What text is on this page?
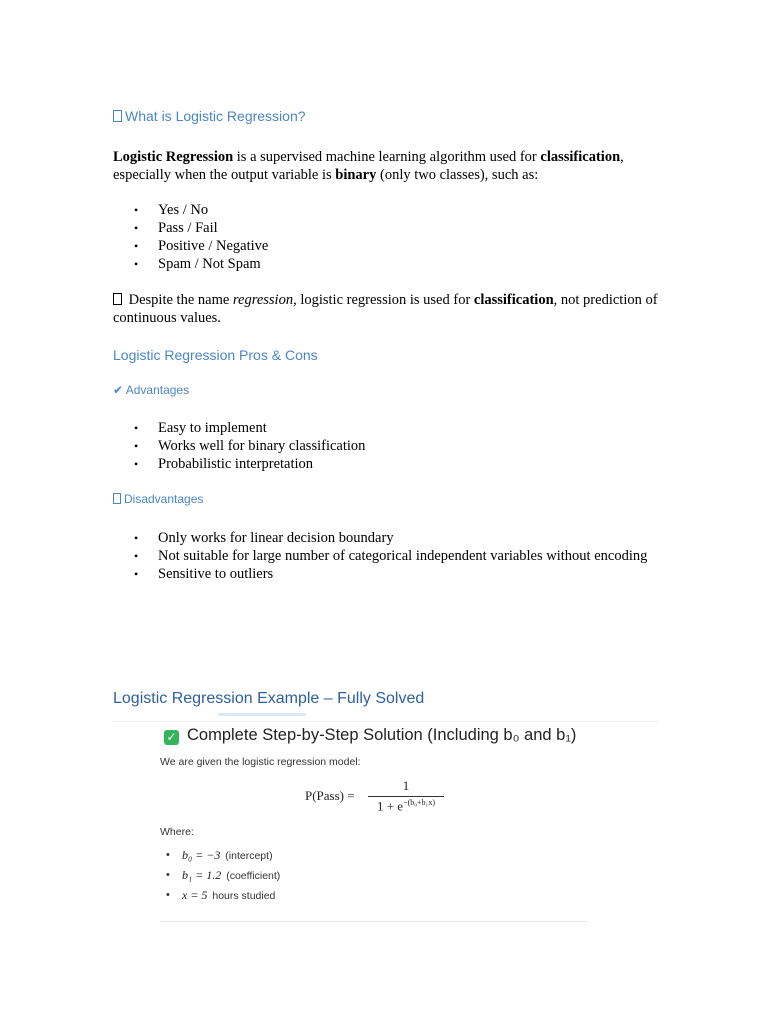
What is Logistic Regression?
Logistic Regression is a supervised machine learning algorithm used for classification, especially when the output variable is binary (only two classes), such as:
• Yes / No
• Pass / Fail
• Positive / Negative
• Spam / Not Spam
Despite the name regression, logistic regression is used for classification, not prediction of continuous values.
Logistic Regression Pros & Cons
✔ Advantages
• Easy to implement
• Works well for binary classification
• Probabilistic interpretation
Disadvantages
• Only works for linear decision boundary
• Not suitable for large number of categorical independent variables without encoding
• Sensitive to outliers
Logistic Regression Example – Fully Solved
✓ Complete Step-by-Step Solution (Including b₀ and b₁)
We are given the logistic regression model:
P(Pass) =
1
$1 + e^{-(b_0+b_1x)}$
Where:
• b₀ = −3 (intercept)
• b₁ = 1.2 (coefficient)
• x = 5 hours studied
